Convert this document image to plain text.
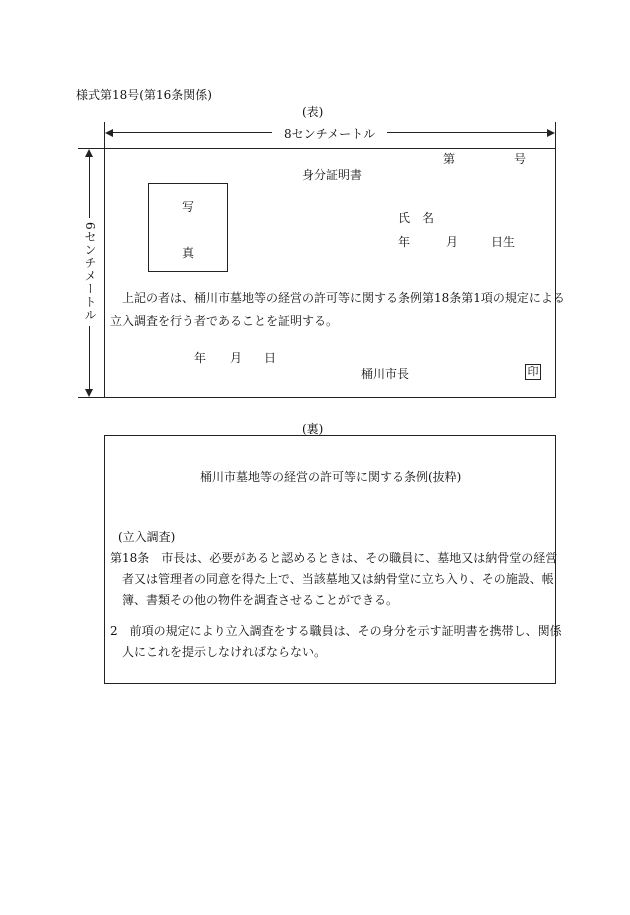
様式第18号(第16条関係)
(表)
8センチメートル
6センチメートル
第	号
身分証明書
写
真
氏　名
年	月	日生
上記の者は、桶川市墓地等の経営の許可等に関する条例第18条第1項の規定による
立入調査を行う者であることを証明する。
年 月 日
桶川市長	印
(裏)
桶川市墓地等の経営の許可等に関する条例(抜粋)
(立入調査)
第18条　市長は、必要があると認めるときは、その職員に、墓地又は納骨堂の経営者又は管理者の同意を得た上で、当該墓地又は納骨堂に立ち入り、その施設、帳簿、書類その他の物件を調査させることができる。
2　前項の規定により立入調査をする職員は、その身分を示す証明書を携帯し、関係人にこれを提示しなければならない。
